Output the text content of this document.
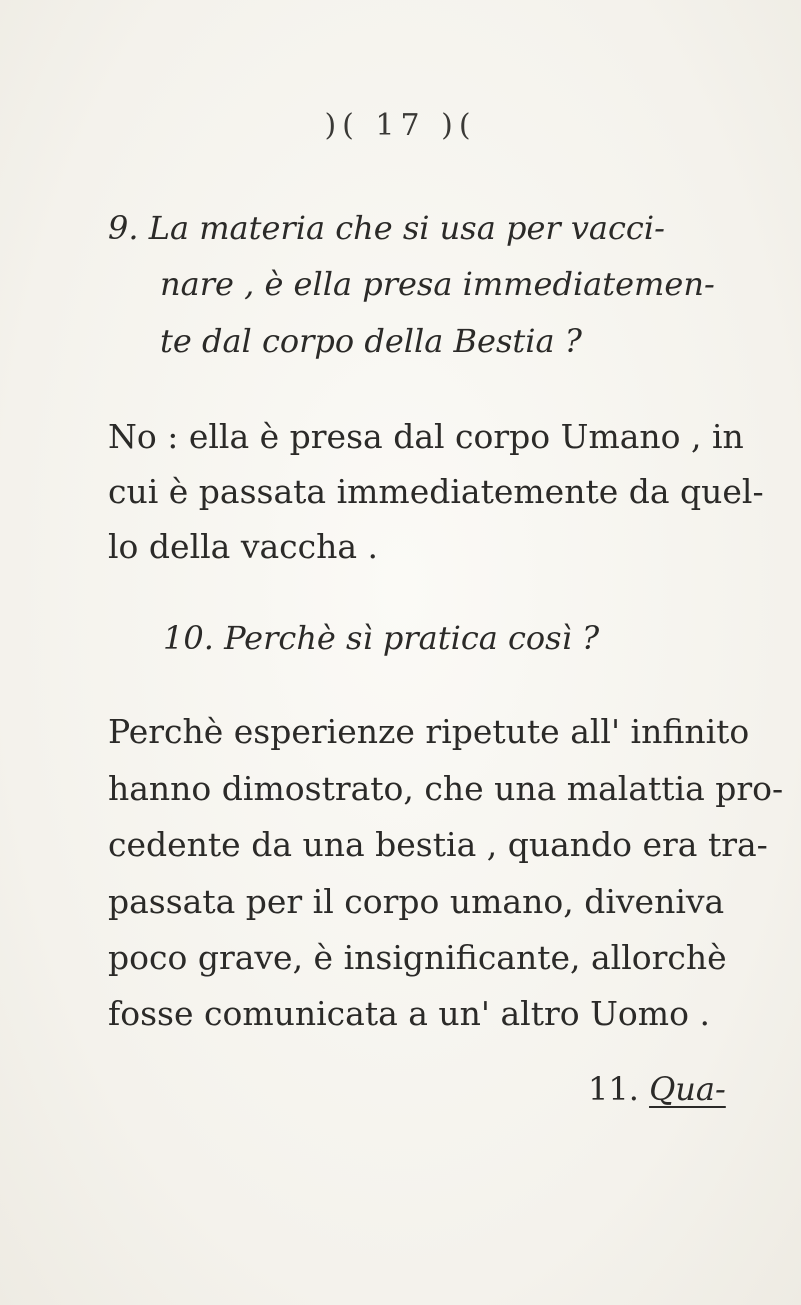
)( 17 )(
9. La materia che si usa per vacci-
nare , è ella presa immediatemen-
te dal corpo della Bestia ?
No : ella è presa dal corpo Umano , in
cui è passata immediatemente da quel-
lo della vaccha .
10. Perchè sì pratica così ?
Perchè esperienze ripetute all' infinito
hanno dimostrato, che una malattia pro-
cedente da una bestia , quando era tra-
passata per il corpo umano, diveniva
poco grave, è insignificante, allorchè
fosse comunicata a un' altro Uomo .
11. Qua-
